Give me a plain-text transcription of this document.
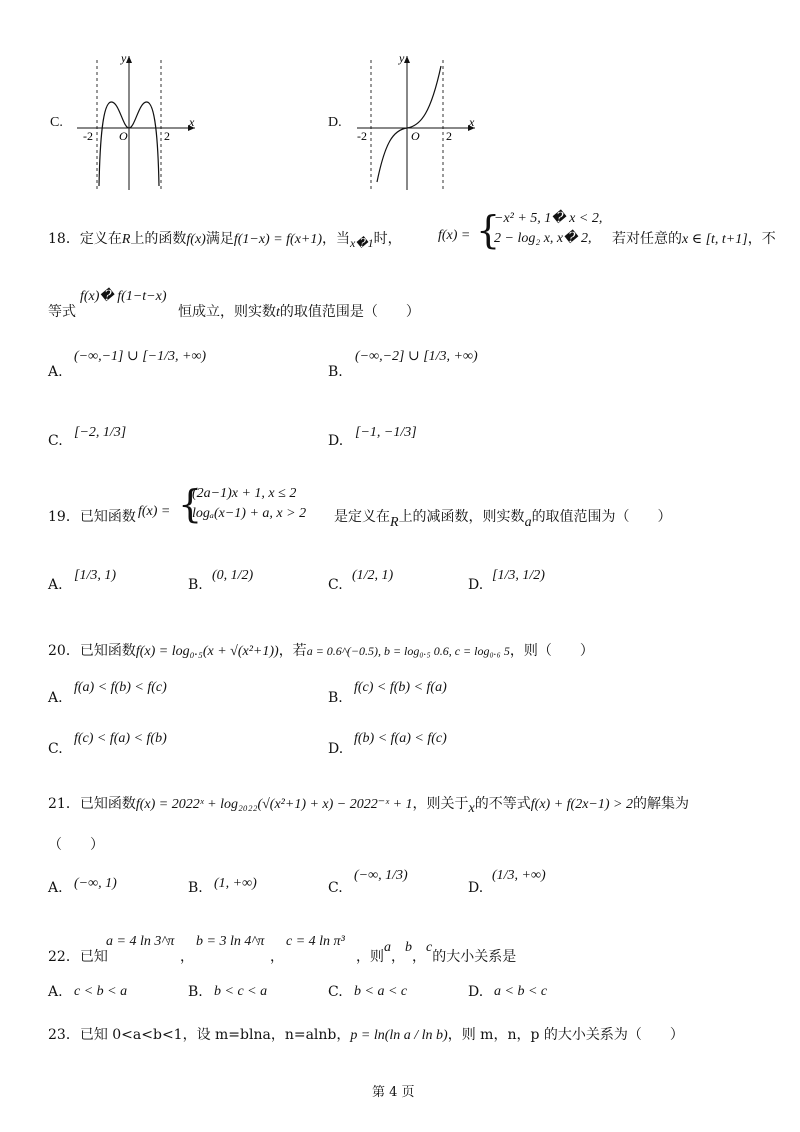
C.
y
x
O
-2	2
D.
y
x
O
-2	2
18．定义在R上的函数f(x)满足f(1−x) = f(x+1)，当x�1时，	f(x) = {
−x² + 5, 1� x < 2,
2 − log₂ x, x� 2, 若对任意的x ∈ [t, t+1]，不
等式
f(x)� f(1−t−x)
恒成立，则实数t的取值范围是（　　）
A.
(−∞,−1] ∪ [−1/3, +∞)
B.
(−∞,−2] ∪ [1/3, +∞)
C.
[−2, 1/3]
D.
[−1, −1/3]
19．已知函数 f(x) = {
(2a−1)x + 1, x ≤ 2
logₐ(x−1) + a, x > 2 是定义在R上的减函数，则实数a的取值范围为（　　）
A.
[1/3, 1)
B.
(0, 1/2)
C.
(1/2, 1)
D.
[1/3, 1/2)
20．已知函数f(x) = log₀.₅(x + √(x²+1))，若a = 0.6^(−0.5), b = log₀.₅ 0.6, c = log₀.₆ 5，则（　　）
A.
f(a) < f(b) < f(c)
B.
f(c) < f(b) < f(a)
C.
f(c) < f(a) < f(b)
D.
f(b) < f(a) < f(c)
21．已知函数f(x) = 2022ˣ + log₂₀₂₂(√(x²+1) + x) − 2022⁻ˣ + 1，则关于x的不等式f(x) + f(2x−1) > 2的解集为
（　　）
A. (−∞, 1)	B. (1, +∞)	C.
(−∞, 1/3)
D.
(1/3, +∞)
22．已知
a = 4 ln 3^π
，
b = 3 ln 4^π
，
c = 4 ln π³
，则a，b，c的大小关系是
A. c < b < a	B. b < c < a	C. b < a < c	D. a < b < c
23．已知 0<a<b<1，设 m=blna，n=alnb，p = ln(ln a / ln b)，则 m，n，p 的大小关系为（　　）
第 4 页
